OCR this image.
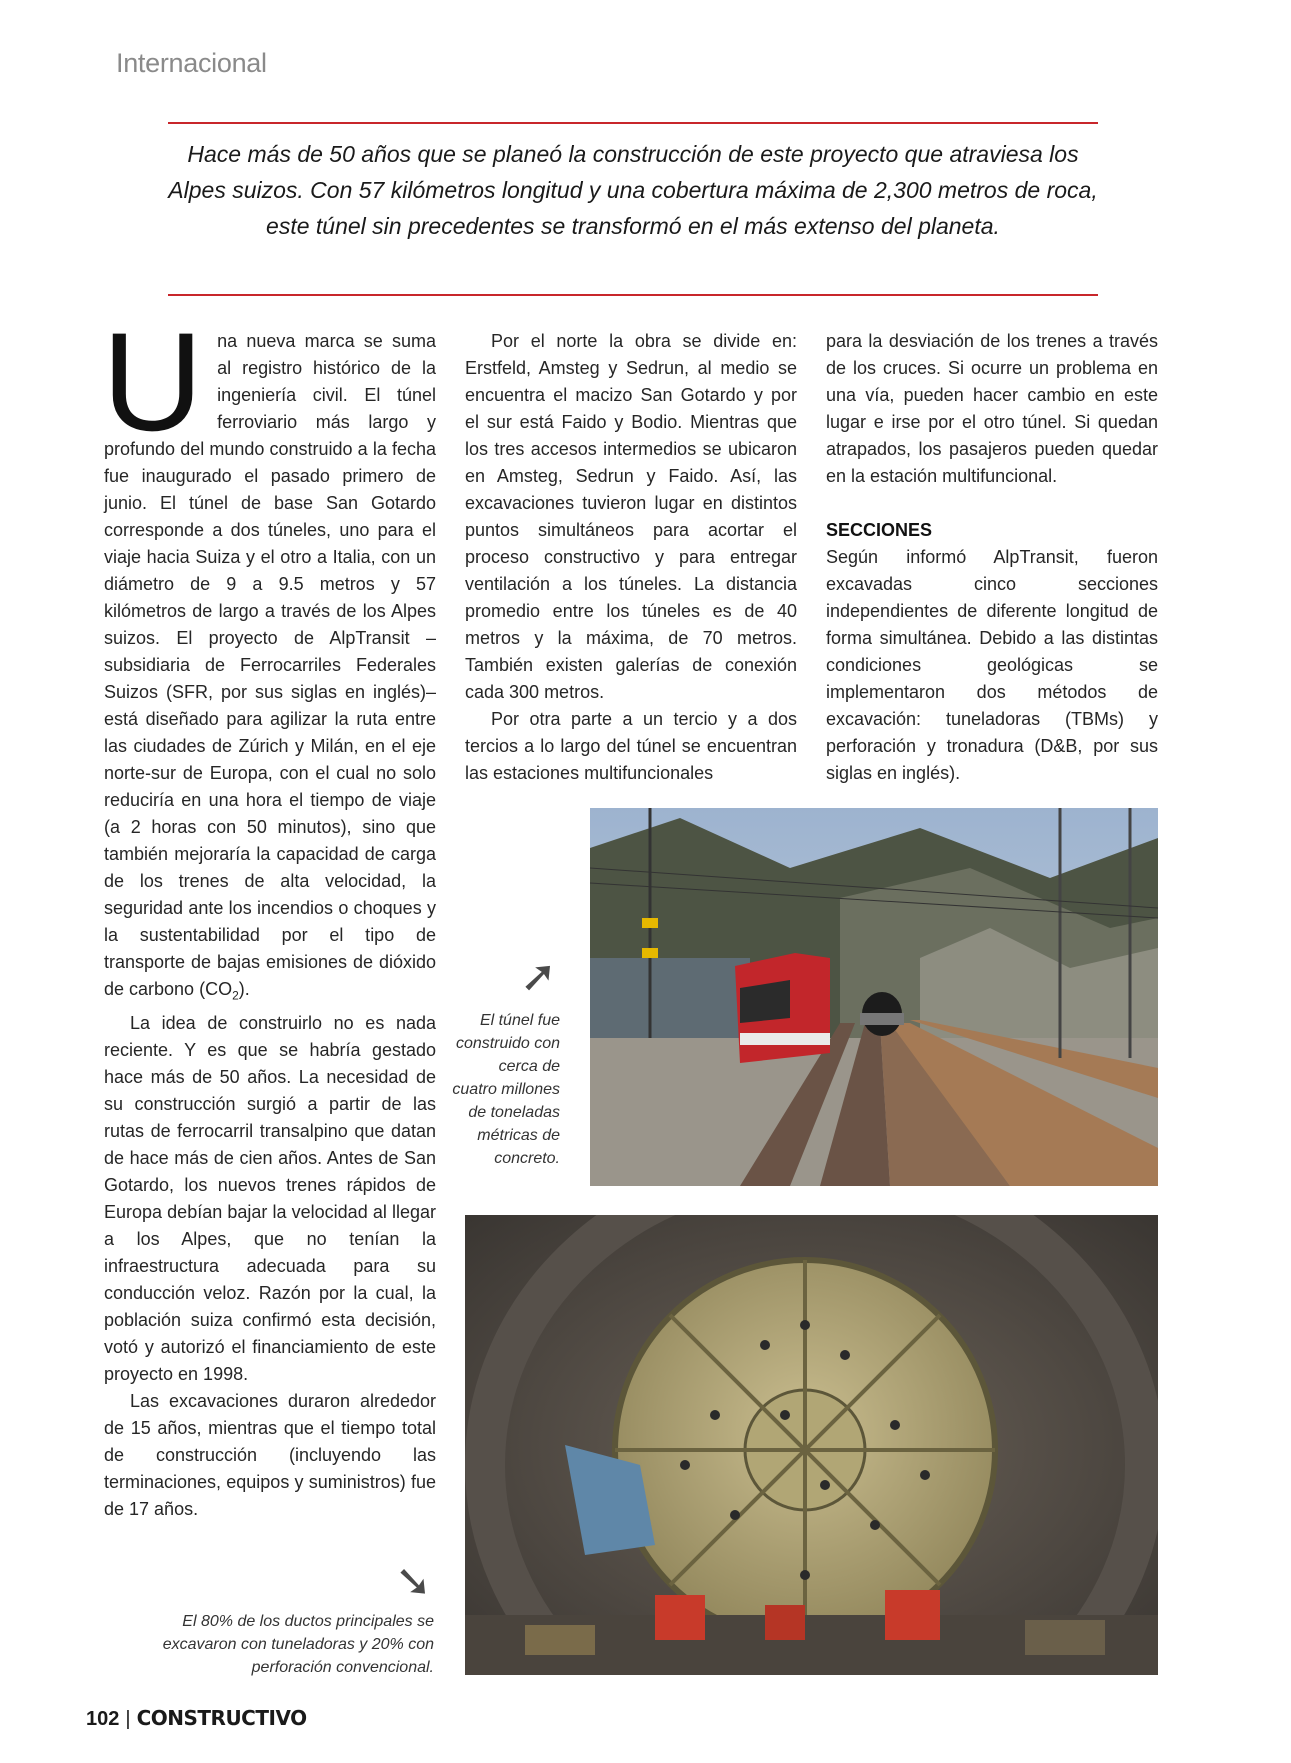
Internacional

Hace más de 50 años que se planeó la construcción de este proyecto que atraviesa los Alpes suizos. Con 57 kilómetros longitud y una cobertura máxima de 2,300 metros de roca, este túnel sin precedentes se transformó en el más extenso del planeta.

U na nueva marca se suma al registro histórico de la ingeniería civil. El túnel ferroviario más largo y profundo del mundo construido a la fecha fue inaugurado el pasado primero de junio. El túnel de base San Gotardo corresponde a dos túneles, uno para el viaje hacia Suiza y el otro a Italia, con un diámetro de 9 a 9.5 metros y 57 kilómetros de largo a través de los Alpes suizos. El proyecto de AlpTransit –subsidiaria de Ferrocarriles Federales Suizos (SFR, por sus siglas en inglés)– está diseñado para agilizar la ruta entre las ciudades de Zúrich y Milán, en el eje norte-sur de Europa, con el cual no solo reduciría en una hora el tiempo de viaje (a 2 horas con 50 minutos), sino que también mejoraría la capacidad de carga de los trenes de alta velocidad, la seguridad ante los incendios o choques y la sustentabilidad por el tipo de transporte de bajas emisiones de dióxido de carbono $(CO_2)$.

La idea de construirlo no es nada reciente. Y es que se habría gestado hace más de 50 años. La necesidad de su construcción surgió a partir de las rutas de ferrocarril transalpino que datan de hace más de cien años. Antes de San Gotardo, los nuevos trenes rápidos de Europa debían bajar la velocidad al llegar a los Alpes, que no tenían la infraestructura adecuada para su conducción veloz. Razón por la cual, la población suiza confirmó esta decisión, votó y autorizó el financiamiento de este proyecto en 1998.

Las excavaciones duraron alrededor de 15 años, mientras que el tiempo total de construcción (incluyendo las terminaciones, equipos y suministros) fue de 17 años.

Por el norte la obra se divide en: Erstfeld, Amsteg y Sedrun, al medio se encuentra el macizo San Gotardo y por el sur está Faido y Bodio. Mientras que los tres accesos intermedios se ubicaron en Amsteg, Sedrun y Faido. Así, las excavaciones tuvieron lugar en distintos puntos simultáneos para acortar el proceso constructivo y para entregar ventilación a los túneles. La distancia promedio entre los túneles es de 40 metros y la máxima, de 70 metros. También existen galerías de conexión cada 300 metros.

Por otra parte a un tercio y a dos tercios a lo largo del túnel se encuentran las estaciones multifuncionales

para la desviación de los trenes a través de los cruces. Si ocurre un problema en una vía, pueden hacer cambio en este lugar e irse por el otro túnel. Si quedan atrapados, los pasajeros pueden quedar en la estación multifuncional.

SECCIONES

Según informó AlpTransit, fueron excavadas cinco secciones independientes de diferente longitud de forma simultánea. Debido a las distintas condiciones geológicas se implementaron dos métodos de excavación: tuneladoras (TBMs) y perforación y tronadura (D&B, por sus siglas en inglés).

➚

El túnel fue construido con cerca de cuatro millones de toneladas métricas de concreto.

➘

El 80% de los ductos principales se excavaron con tuneladoras y 20% con perforación convencional.

102 | CONSTRUCTIVO
